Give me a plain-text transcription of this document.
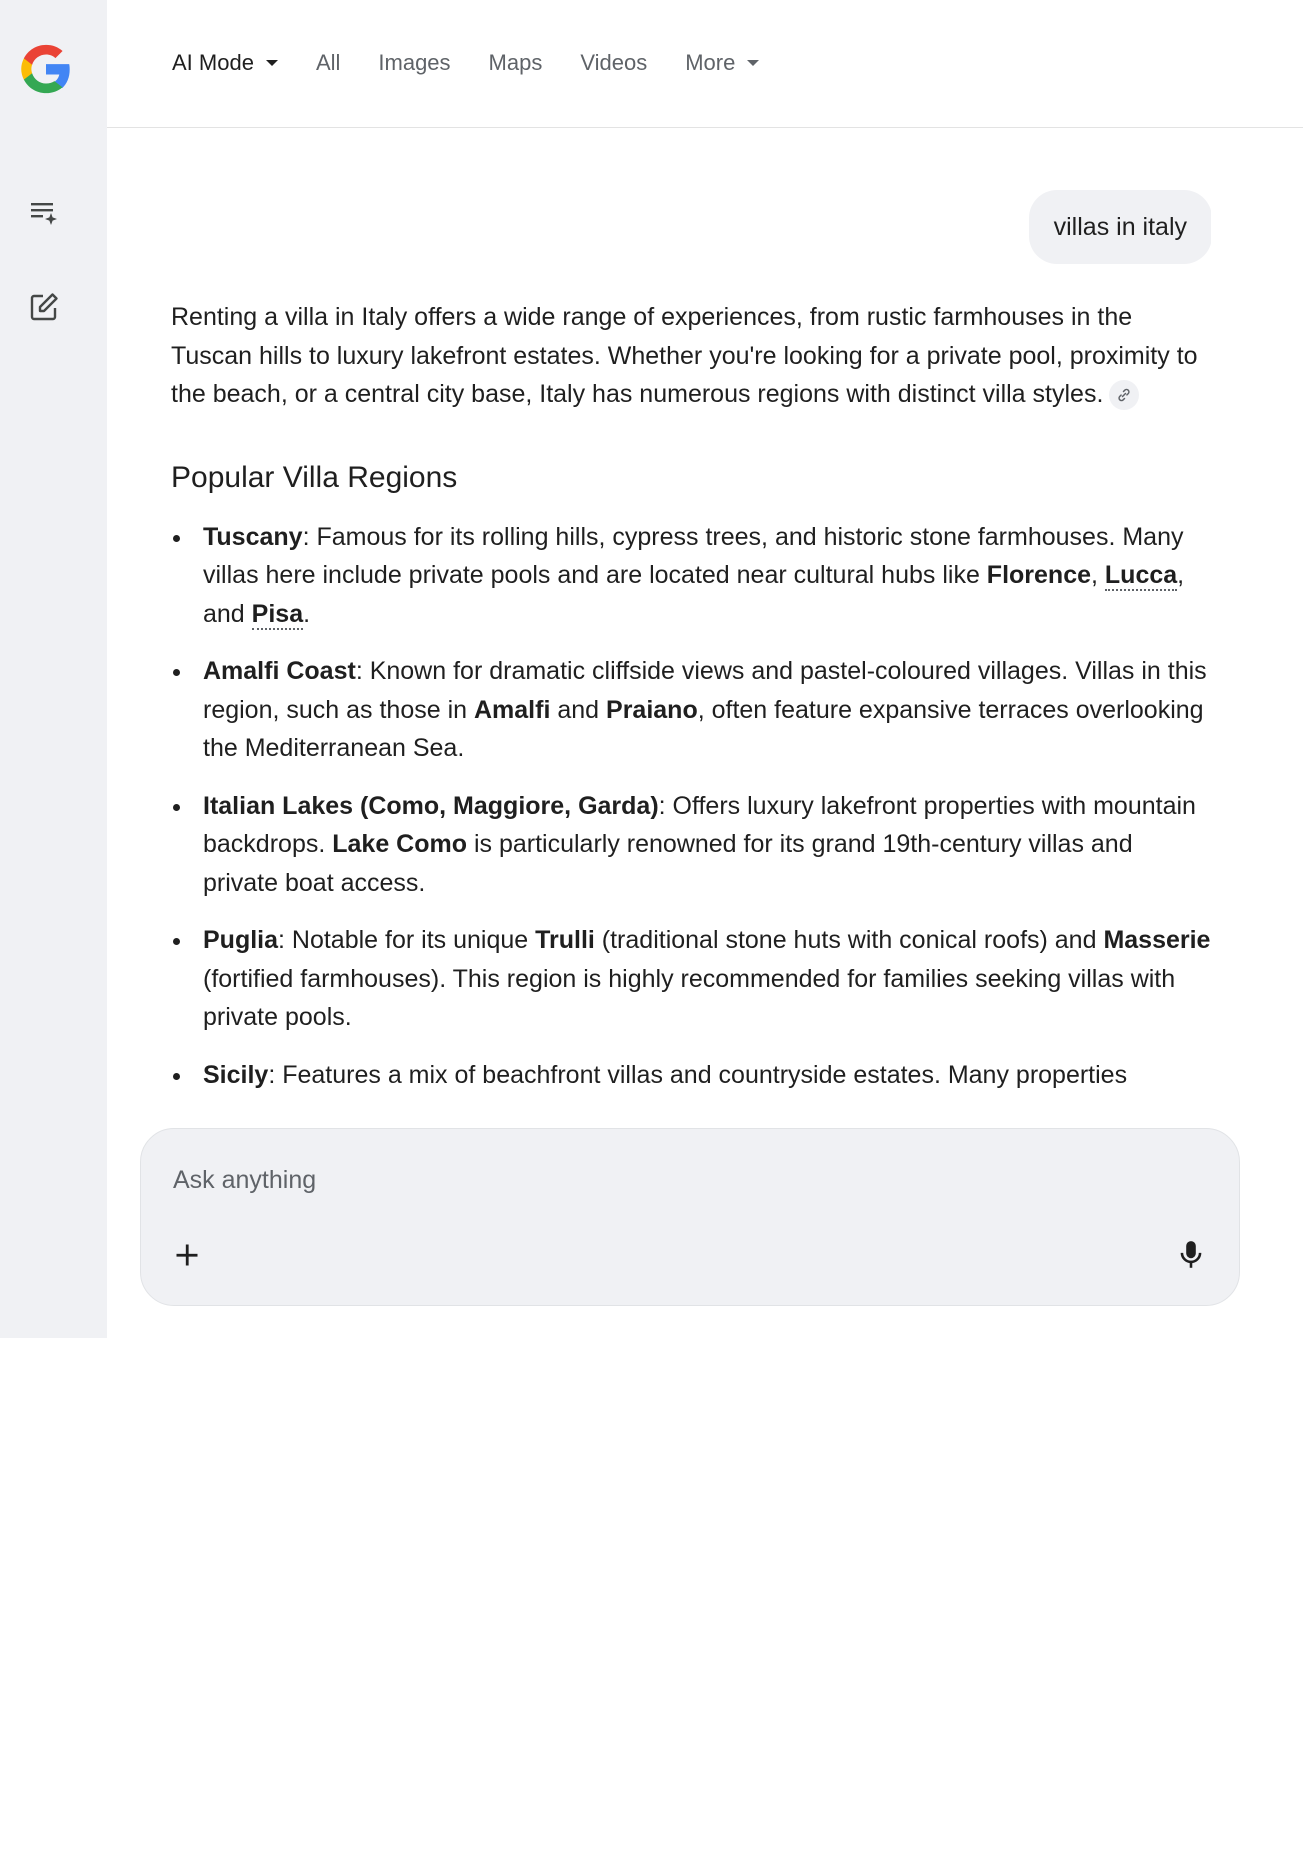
AI Mode	All Images Maps Videos More
villas in italy

Renting a villa in Italy offers a wide range of experiences, from rustic farmhouses in the Tuscan hills to luxury lakefront estates. Whether you're looking for a private pool, proximity to the beach, or a central city base, Italy has numerous regions with distinct villa styles.

Popular Villa Regions
Tuscany: Famous for its rolling hills, cypress trees, and historic stone farmhouses. Many villas here include private pools and are located near cultural hubs like Florence, Lucca, and Pisa.
Amalfi Coast: Known for dramatic cliffside views and pastel-coloured villages. Villas in this region, such as those in Amalfi and Praiano, often feature expansive terraces overlooking the Mediterranean Sea.
Italian Lakes (Como, Maggiore, Garda): Offers luxury lakefront properties with mountain backdrops. Lake Como is particularly renowned for its grand 19th-century villas and private boat access.
Puglia: Notable for its unique Trulli (traditional stone huts with conical roofs) and Masserie (fortified farmhouses). This region is highly recommended for families seeking villas with private pools.
Sicily: Features a mix of beachfront villas and countryside estates. Many properties
Ask anything
